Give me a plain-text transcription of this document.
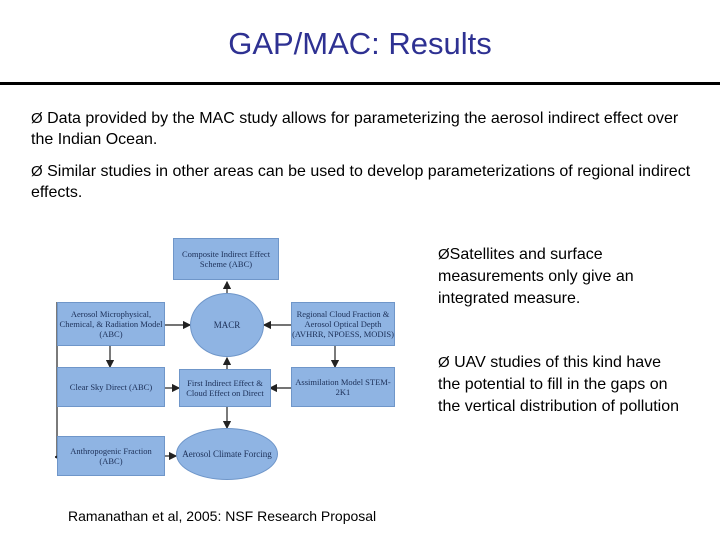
GAP/MAC: Results
Ø Data provided by the MAC study allows for parameterizing the aerosol indirect effect over the Indian Ocean.
Ø Similar studies in other areas can be used to develop parameterizations of regional indirect effects.
Composite Indirect Effect Scheme (ABC)
Aerosol Microphysical, Chemical, & Radiation Model (ABC)
MACR
Regional Cloud Fraction & Aerosol Optical Depth (AVHRR, NPOESS, MODIS)
Clear Sky Direct (ABC)	First Indirect Effect & Cloud Effect on Direct
Assimilation Model STEM-2K1
Anthropogenic Fraction (ABC)
Aerosol Climate Forcing
ØSatellites and surface measurements only give an integrated measure.
Ø UAV studies of this kind have the potential to fill in the gaps on the vertical distribution of pollution
Ramanathan et al, 2005: NSF Research Proposal
